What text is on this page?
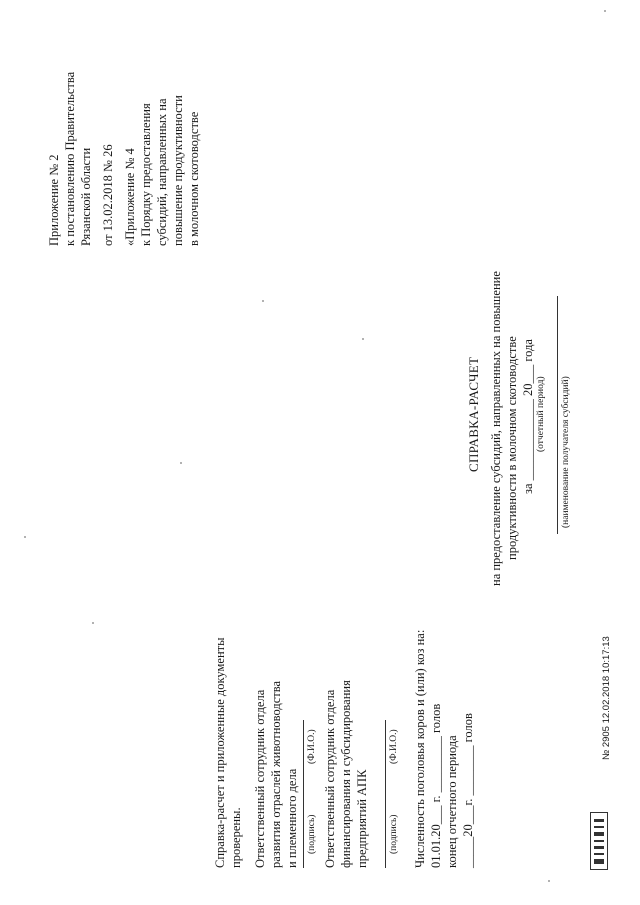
Приложение № 2 к постановлению Правительства Рязанской области от 13.02.2018 № 26 «Приложение № 4 к Порядку предоставления субсидий, направленных на повышение продуктивности в молочном скотоводстве
СПРАВКА-РАСЧЕТ на предоставление субсидий, направленных на повышение продуктивности в молочном скотоводстве за _____________ 20___ года (отчетный период) (наименование получателя субсидий)
Справка-расчет и приложенные документы проверены. Ответственный сотрудник отдела развития отраслей животноводства и племенного дела (подпись)
(Ф.И.О.) Ответственный сотрудник отдела финансирования и субсидирования предприятий АПК (подпись)
(Ф.И.О.) Численность поголовья коров и (или) коз на: 01.01.20___ г. _________ голов конец отчетного периода _____20___г. ________ голов
№ 2905 12.02.2018 10:17:13
